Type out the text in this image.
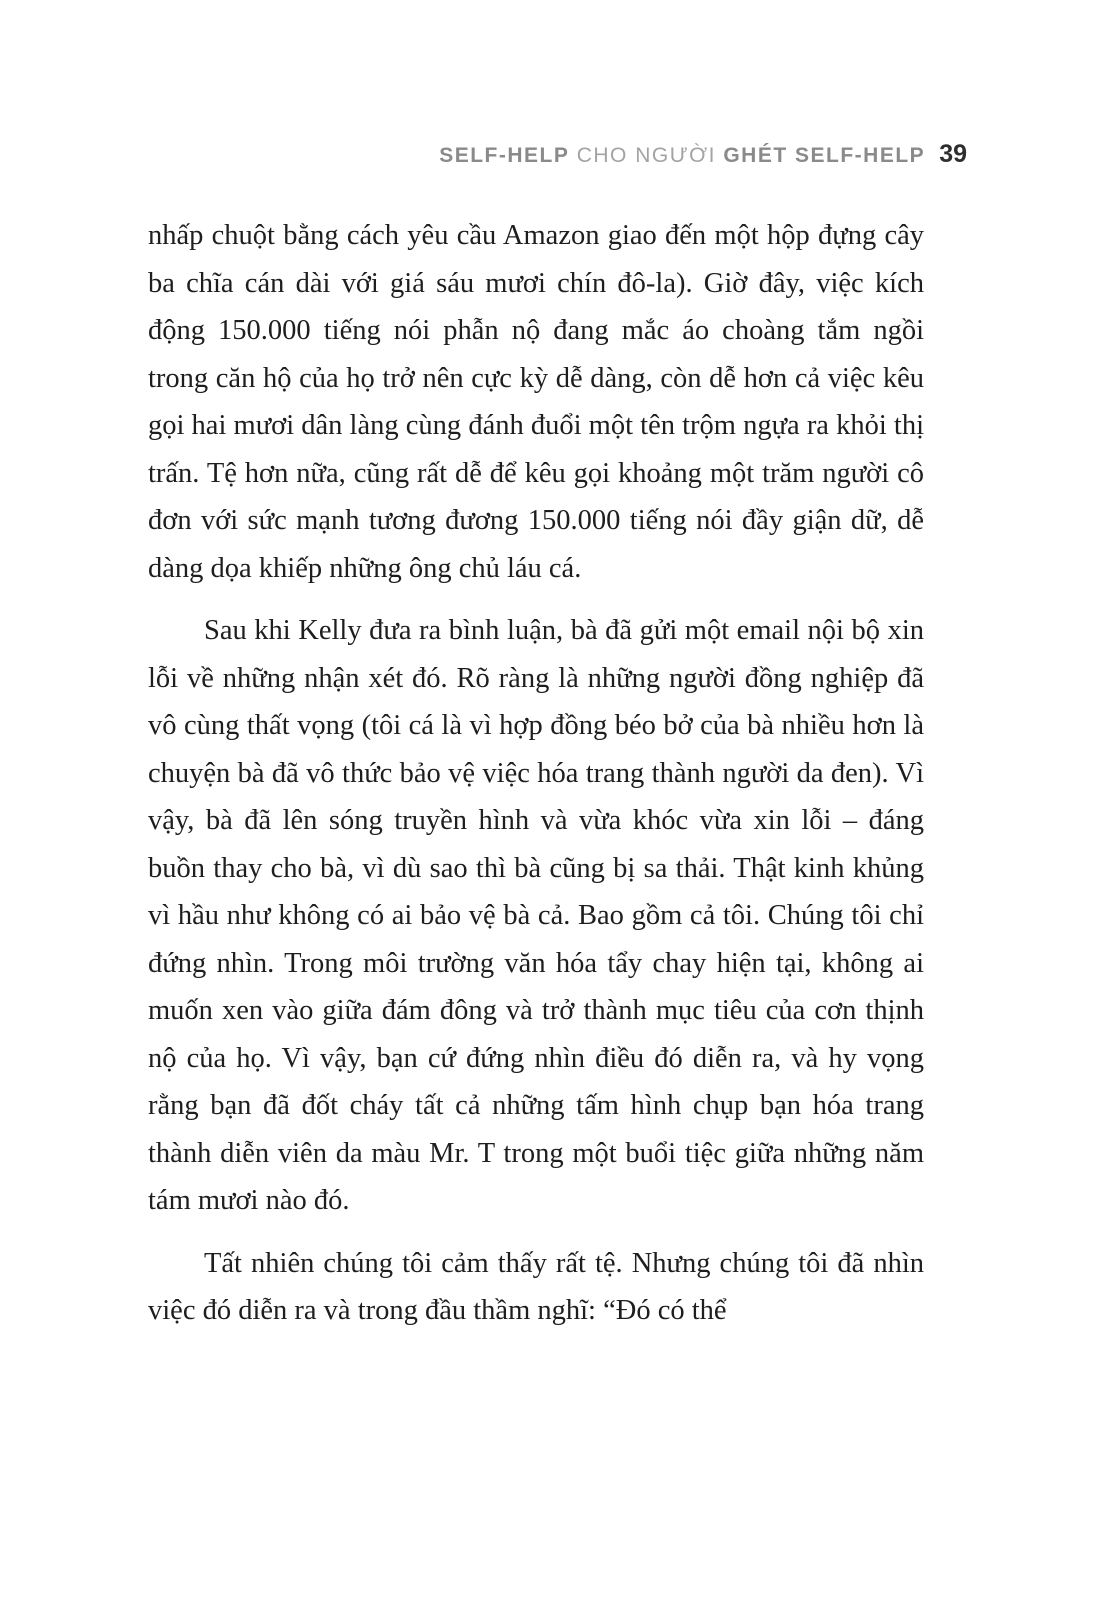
SELF-HELP CHO NGƯỜI GHÉT SELF-HELP 39

nhấp chuột bằng cách yêu cầu Amazon giao đến một hộp đựng cây ba chĩa cán dài với giá sáu mươi chín đô-la). Giờ đây, việc kích động 150.000 tiếng nói phẫn nộ đang mắc áo choàng tắm ngồi trong căn hộ của họ trở nên cực kỳ dễ dàng, còn dễ hơn cả việc kêu gọi hai mươi dân làng cùng đánh đuổi một tên trộm ngựa ra khỏi thị trấn. Tệ hơn nữa, cũng rất dễ để kêu gọi khoảng một trăm người cô đơn với sức mạnh tương đương 150.000 tiếng nói đầy giận dữ, dễ dàng dọa khiếp những ông chủ láu cá.

Sau khi Kelly đưa ra bình luận, bà đã gửi một email nội bộ xin lỗi về những nhận xét đó. Rõ ràng là những người đồng nghiệp đã vô cùng thất vọng (tôi cá là vì hợp đồng béo bở của bà nhiều hơn là chuyện bà đã vô thức bảo vệ việc hóa trang thành người da đen). Vì vậy, bà đã lên sóng truyền hình và vừa khóc vừa xin lỗi – đáng buồn thay cho bà, vì dù sao thì bà cũng bị sa thải. Thật kinh khủng vì hầu như không có ai bảo vệ bà cả. Bao gồm cả tôi. Chúng tôi chỉ đứng nhìn. Trong môi trường văn hóa tẩy chay hiện tại, không ai muốn xen vào giữa đám đông và trở thành mục tiêu của cơn thịnh nộ của họ. Vì vậy, bạn cứ đứng nhìn điều đó diễn ra, và hy vọng rằng bạn đã đốt cháy tất cả những tấm hình chụp bạn hóa trang thành diễn viên da màu Mr. T trong một buổi tiệc giữa những năm tám mươi nào đó.

Tất nhiên chúng tôi cảm thấy rất tệ. Nhưng chúng tôi đã nhìn việc đó diễn ra và trong đầu thầm nghĩ: “Đó có thể
